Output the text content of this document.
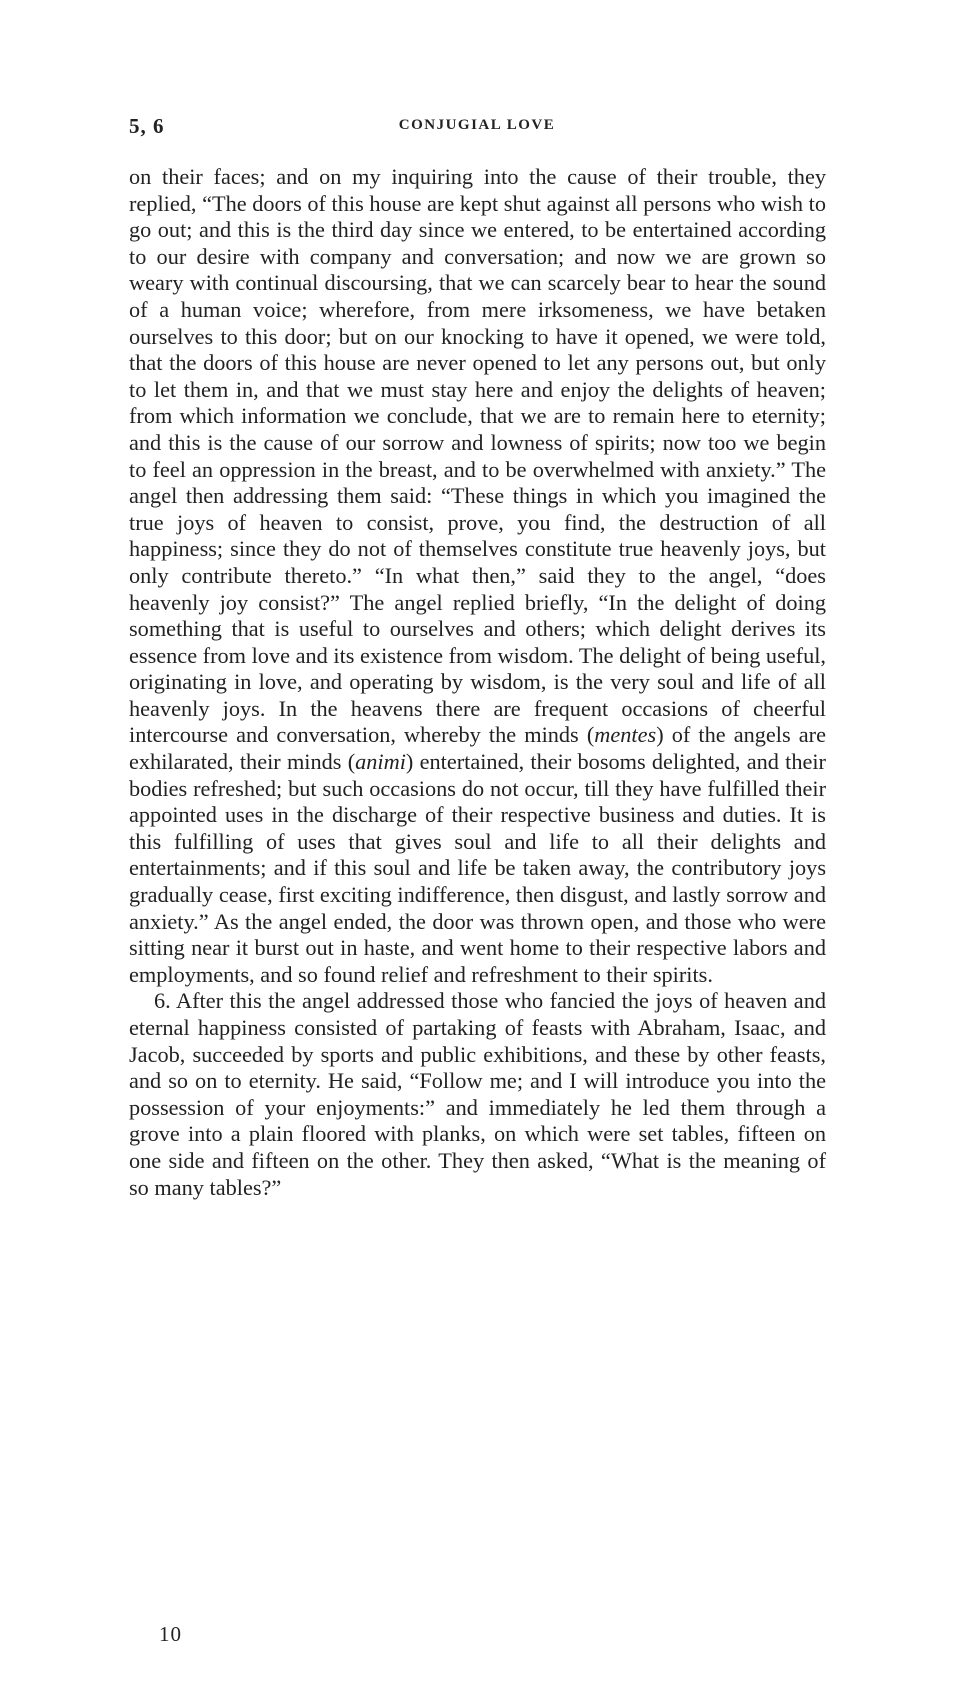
5, 6	CONJUGIAL LOVE

on their faces; and on my inquiring into the cause of their trouble, they replied, “The doors of this house are kept shut against all persons who wish to go out; and this is the third day since we entered, to be entertained according to our desire with company and conversation; and now we are grown so weary with continual discoursing, that we can scarcely bear to hear the sound of a human voice; wherefore, from mere irksomeness, we have betaken ourselves to this door; but on our knocking to have it opened, we were told, that the doors of this house are never opened to let any persons out, but only to let them in, and that we must stay here and enjoy the delights of heaven; from which information we conclude, that we are to remain here to eternity; and this is the cause of our sorrow and lowness of spirits; now too we begin to feel an oppression in the breast, and to be overwhelmed with anxiety.” The angel then addressing them said: “These things in which you imagined the true joys of heaven to consist, prove, you find, the destruction of all happiness; since they do not of themselves constitute true heavenly joys, but only contribute thereto.” “In what then,” said they to the angel, “does heavenly joy consist?” The angel replied briefly, “In the delight of doing something that is useful to ourselves and others; which delight derives its essence from love and its existence from wisdom. The delight of being useful, originating in love, and operating by wisdom, is the very soul and life of all heavenly joys. In the heavens there are frequent occasions of cheerful intercourse and conversation, whereby the minds (mentes) of the angels are exhilarated, their minds (animi) entertained, their bosoms delighted, and their bodies refreshed; but such occasions do not occur, till they have fulfilled their appointed uses in the discharge of their respective business and duties. It is this fulfilling of uses that gives soul and life to all their delights and entertainments; and if this soul and life be taken away, the contributory joys gradually cease, first exciting indifference, then disgust, and lastly sorrow and anxiety.” As the angel ended, the door was thrown open, and those who were sitting near it burst out in haste, and went home to their respective labors and employments, and so found relief and refreshment to their spirits.

6. After this the angel addressed those who fancied the joys of heaven and eternal happiness consisted of partaking of feasts with Abraham, Isaac, and Jacob, succeeded by sports and public exhibitions, and these by other feasts, and so on to eternity. He said, “Follow me; and I will introduce you into the possession of your enjoyments:” and immediately he led them through a grove into a plain floored with planks, on which were set tables, fifteen on one side and fifteen on the other. They then asked, “What is the meaning of so many tables?”

10
